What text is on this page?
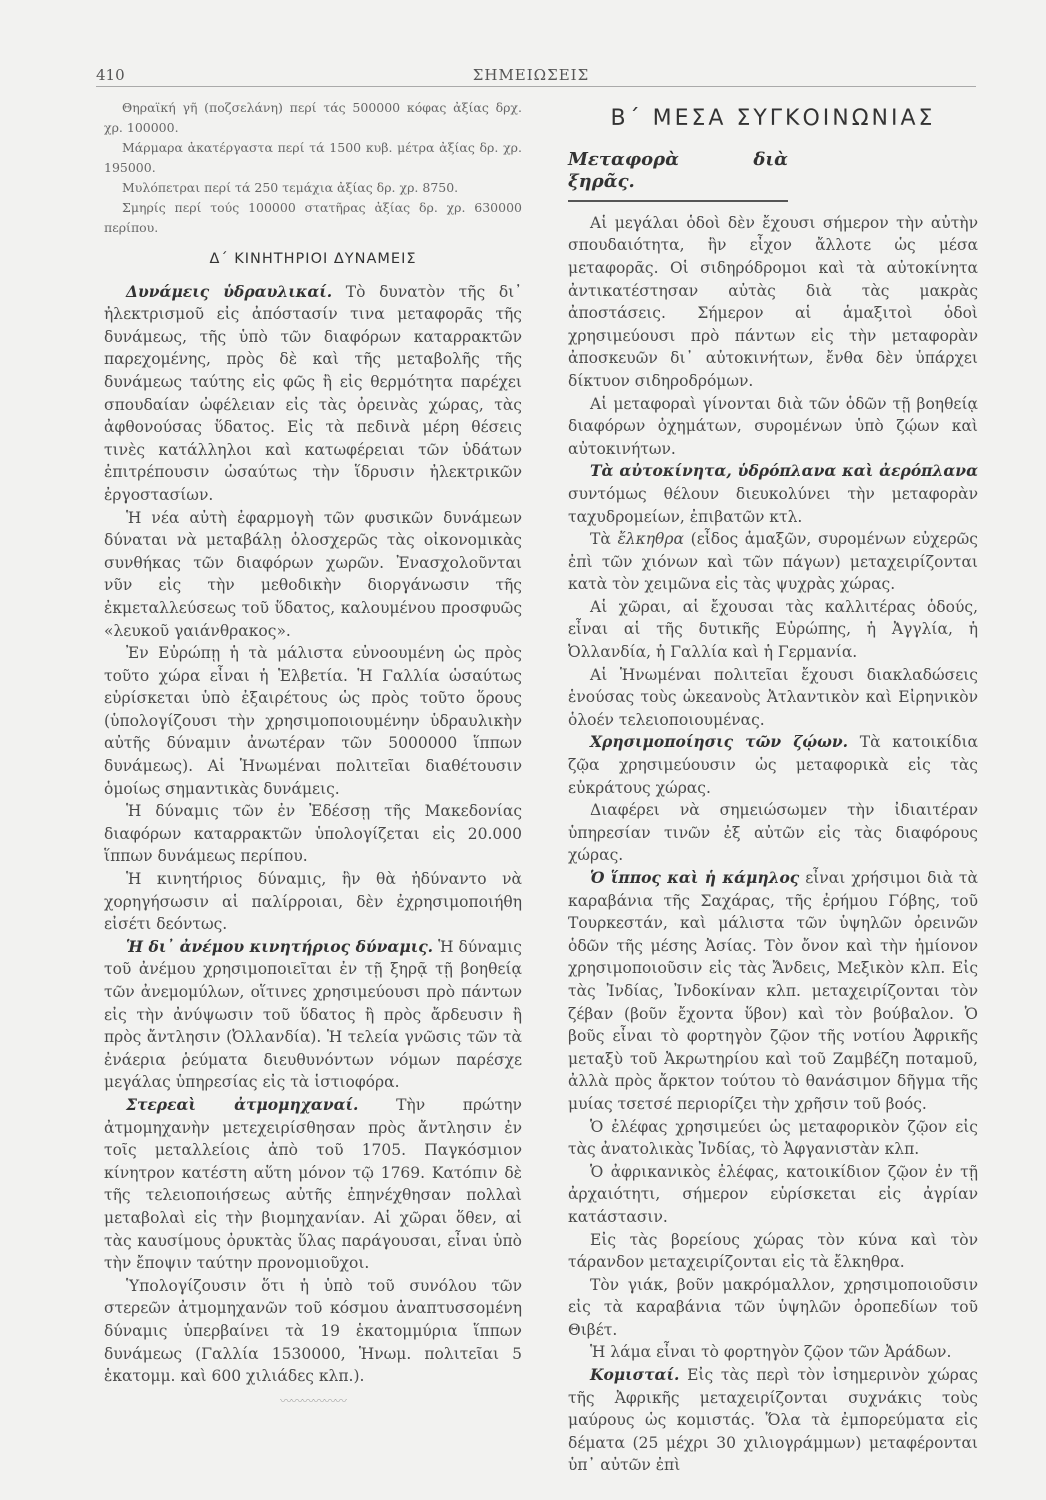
410	ΣΗΜΕΙΩΣΕΙΣ

Θηραϊκή γῆ (ποζσελάνη) περί τάς 500000 κόφας ἀξίας δρχ. χρ. 100000.

Μάρμαρα ἀκατέργαστα περί τά 1500 κυβ. μέτρα ἀξίας δρ. χρ. 195000.

Μυλόπετραι περί τά 250 τεμάχια ἀξίας δρ. χρ. 8750.

Σμηρίς περί τούς 100000 στατῆρας ἀξίας δρ. χρ. 630000 περίπου.

Δ΄ ΚΙΝΗΤΗΡΙΟΙ ΔΥΝΑΜΕΙΣ

Δυνάμεις ὑδραυλικαί. Τὸ δυνατὸν τῆς δι᾽ ἠλεκτρισμοῦ εἰς ἀπόστασίν τινα μεταφορᾶς τῆς δυνάμεως, τῆς ὑπὸ τῶν διαφόρων καταρρακτῶν παρεχομένης, πρὸς δὲ καὶ τῆς μεταβολῆς τῆς δυνάμεως ταύτης εἰς φῶς ἢ εἰς θερμότητα παρέχει σπουδαίαν ὠφέλειαν εἰς τὰς ὀρεινὰς χώρας, τὰς ἀφθονούσας ὕδατος. Εἰς τὰ πεδινὰ μέρη θέσεις τινὲς κατάλληλοι καὶ κατωφέρειαι τῶν ὑδάτων ἐπιτρέπουσιν ὡσαύτως τὴν ἵδρυσιν ἠλεκτρικῶν ἐργοστασίων.

Ἡ νέα αὐτὴ ἐφαρμογὴ τῶν φυσικῶν δυνάμεων δύναται νὰ μεταβάλῃ ὁλοσχερῶς τὰς οἰκονομικὰς συνθήκας τῶν διαφόρων χωρῶν. Ἐνασχολοῦνται νῦν εἰς τὴν μεθοδικὴν διοργάνωσιν τῆς ἐκμεταλλεύσεως τοῦ ὕδατος, καλουμένου προσφυῶς «λευκοῦ γαιάνθρακος».

Ἐν Εὐρώπῃ ἡ τὰ μάλιστα εὐνοουμένη ὡς πρὸς τοῦτο χώρα εἶναι ἡ Ἑλβετία. Ἡ Γαλλία ὡσαύτως εὑρίσκεται ὑπὸ ἐξαιρέτους ὡς πρὸς τοῦτο ὅρους (ὑπολογίζουσι τὴν χρησιμοποιουμένην ὑδραυλικὴν αὐτῆς δύναμιν ἀνωτέραν τῶν 5000000 ἵππων δυνάμεως). Αἱ Ἡνωμέναι πολιτεῖαι διαθέτουσιν ὁμοίως σημαντικὰς δυνάμεις.

Ἡ δύναμις τῶν ἐν Ἐδέσσῃ τῆς Μακεδονίας διαφόρων καταρρακτῶν ὑπολογίζεται εἰς 20.000 ἵππων δυνάμεως περίπου.

Ἡ κινητήριος δύναμις, ἣν θὰ ἠδύναντο νὰ χορηγήσωσιν αἱ παλίρροιαι, δὲν ἐχρησιμοποιήθη εἰσέτι δεόντως.

Ἡ δι᾽ ἀνέμου κινητήριος δύναμις. Ἡ δύναμις τοῦ ἀνέμου χρησιμοποιεῖται ἐν τῇ ξηρᾷ τῇ βοηθείᾳ τῶν ἀνεμομύλων, οἵτινες χρησιμεύουσι πρὸ πάντων εἰς τὴν ἀνύψωσιν τοῦ ὕδατος ἢ πρὸς ἄρδευσιν ἢ πρὸς ἄντλησιν (Ὀλλανδία). Ἡ τελεία γνῶσις τῶν τὰ ἐνάερια ῥεύματα διευθυνόντων νόμων παρέσχε μεγάλας ὑπηρεσίας εἰς τὰ ἱστιοφόρα.

Στερεαὶ ἀτμομηχαναί. Τὴν πρώτην ἀτμομηχανὴν μετεχειρίσθησαν πρὸς ἄντλησιν ἐν τοῖς μεταλλείοις ἀπὸ τοῦ 1705. Παγκόσμιον κίνητρον κατέστη αὕτη μόνον τῷ 1769. Κατόπιν δὲ τῆς τελειοποιήσεως αὐτῆς ἐπηνέχθησαν πολλαὶ μεταβολαὶ εἰς τὴν βιομηχανίαν. Αἱ χῶραι ὅθεν, αἱ τὰς καυσίμους ὀρυκτὰς ὕλας παράγουσαι, εἶναι ὑπὸ τὴν ἔποψιν ταύτην προνομιοῦχοι.

Ὑπολογίζουσιν ὅτι ἡ ὑπὸ τοῦ συνόλου τῶν στερεῶν ἀτμομηχανῶν τοῦ κόσμου ἀναπτυσσομένη δύναμις ὑπερβαίνει τὰ 19 ἑκατομμύρια ἵππων δυνάμεως (Γαλλία 1530000, Ἡνωμ. πολιτεῖαι 5 ἑκατομμ. καὶ 600 χιλιάδες κλπ.).

〰〰〰〰〰〰
Β΄ ΜΕΣΑ ΣΥΓΚΟΙΝΩΝΙΑΣ
Μεταφορὰ διὰ ξηρᾶς.

Αἱ μεγάλαι ὁδοὶ δὲν ἔχουσι σήμερον τὴν αὐτὴν σπουδαιότητα, ἣν εἶχον ἄλλοτε ὡς μέσα μεταφορᾶς. Οἱ σιδηρόδρομοι καὶ τὰ αὐτοκίνητα ἀντικατέστησαν αὐτὰς διὰ τὰς μακρὰς ἀποστάσεις. Σήμερον αἱ ἁμαξιτοὶ ὁδοὶ χρησιμεύουσι πρὸ πάντων εἰς τὴν μεταφορὰν ἀποσκευῶν δι᾽ αὐτοκινήτων, ἔνθα δὲν ὑπάρχει δίκτυον σιδηροδρόμων.

Αἱ μεταφοραὶ γίνονται διὰ τῶν ὁδῶν τῇ βοηθείᾳ διαφόρων ὀχημάτων, συρομένων ὑπὸ ζῴων καὶ αὐτοκινήτων.

Τὰ αὐτοκίνητα, ὑδρόπλανα καὶ ἀερόπλανα συντόμως θέλουν διευκολύνει τὴν μεταφορὰν ταχυδρομείων, ἐπιβατῶν κτλ.

Τὰ ἔλκηθρα (εἶδος ἁμαξῶν, συρομένων εὐχερῶς ἐπὶ τῶν χιόνων καὶ τῶν πάγων) μεταχειρίζονται κατὰ τὸν χειμῶνα εἰς τὰς ψυχρὰς χώρας.

Αἱ χῶραι, αἱ ἔχουσαι τὰς καλλιτέρας ὁδούς, εἶναι αἱ τῆς δυτικῆς Εὐρώπης, ἡ Ἀγγλία, ἡ Ὀλλανδία, ἡ Γαλλία καὶ ἡ Γερμανία.

Αἱ Ἡνωμέναι πολιτεῖαι ἔχουσι διακλαδώσεις ἑνούσας τοὺς ὠκεανοὺς Ἀτλαντικὸν καὶ Εἰρηνικὸν ὁλοέν τελειοποιουμένας.

Χρησιμοποίησις τῶν ζῴων. Τὰ κατοικίδια ζῷα χρησιμεύουσιν ὡς μεταφορικὰ εἰς τὰς εὐκράτους χώρας.

Διαφέρει νὰ σημειώσωμεν τὴν ἰδιαιτέραν ὑπηρεσίαν τινῶν ἐξ αὐτῶν εἰς τὰς διαφόρους χώρας.

Ὁ ἵππος καὶ ἡ κάμηλος εἶναι χρήσιμοι διὰ τὰ καραβάνια τῆς Σαχάρας, τῆς ἐρήμου Γόβης, τοῦ Τουρκεστάν, καὶ μάλιστα τῶν ὑψηλῶν ὀρεινῶν ὁδῶν τῆς μέσης Ἀσίας. Τὸν ὄνον καὶ τὴν ἡμίονον χρησιμοποιοῦσιν εἰς τὰς Ἄνδεις, Μεξικὸν κλπ. Εἰς τὰς Ἰνδίας, Ἰνδοκίναν κλπ. μεταχειρίζονται τὸν ζέβαν (βοῦν ἔχοντα ὕβον) καὶ τὸν βούβαλον. Ὁ βοῦς εἶναι τὸ φορτηγὸν ζῷον τῆς νοτίου Ἀφρικῆς μεταξὺ τοῦ Ἀκρωτηρίου καὶ τοῦ Ζαμβέζη ποταμοῦ, ἀλλὰ πρὸς ἄρκτον τούτου τὸ θανάσιμον δῆγμα τῆς μυίας τσετσέ περιορίζει τὴν χρῆσιν τοῦ βοός.

Ὁ ἐλέφας χρησιμεύει ὡς μεταφορικὸν ζῷον εἰς τὰς ἀνατολικὰς Ἰνδίας, τὸ Ἀφγανιστὰν κλπ.

Ὁ ἀφρικανικὸς ἐλέφας, κατοικίδιον ζῷον ἐν τῇ ἀρχαιότητι, σήμερον εὑρίσκεται εἰς ἀγρίαν κατάστασιν.

Εἰς τὰς βορείους χώρας τὸν κύνα καὶ τὸν τάρανδον μεταχειρίζονται εἰς τὰ ἔλκηθρα.

Τὸν γιάκ, βοῦν μακρόμαλλον, χρησιμοποιοῦσιν εἰς τὰ καραβάνια τῶν ὑψηλῶν ὀροπεδίων τοῦ Θιβέτ.

Ἡ λάμα εἶναι τὸ φορτηγὸν ζῷον τῶν Ἀράδων.

Κομισταί. Εἰς τὰς περὶ τὸν ἰσημερινὸν χώρας τῆς Ἀφρικῆς μεταχειρίζονται συχνάκις τοὺς μαύρους ὡς κομιστάς. Ὅλα τὰ ἐμπορεύματα εἰς δέματα (25 μέχρι 30 χιλιογράμμων) μεταφέρονται ὑπ᾽ αὐτῶν ἐπὶ
